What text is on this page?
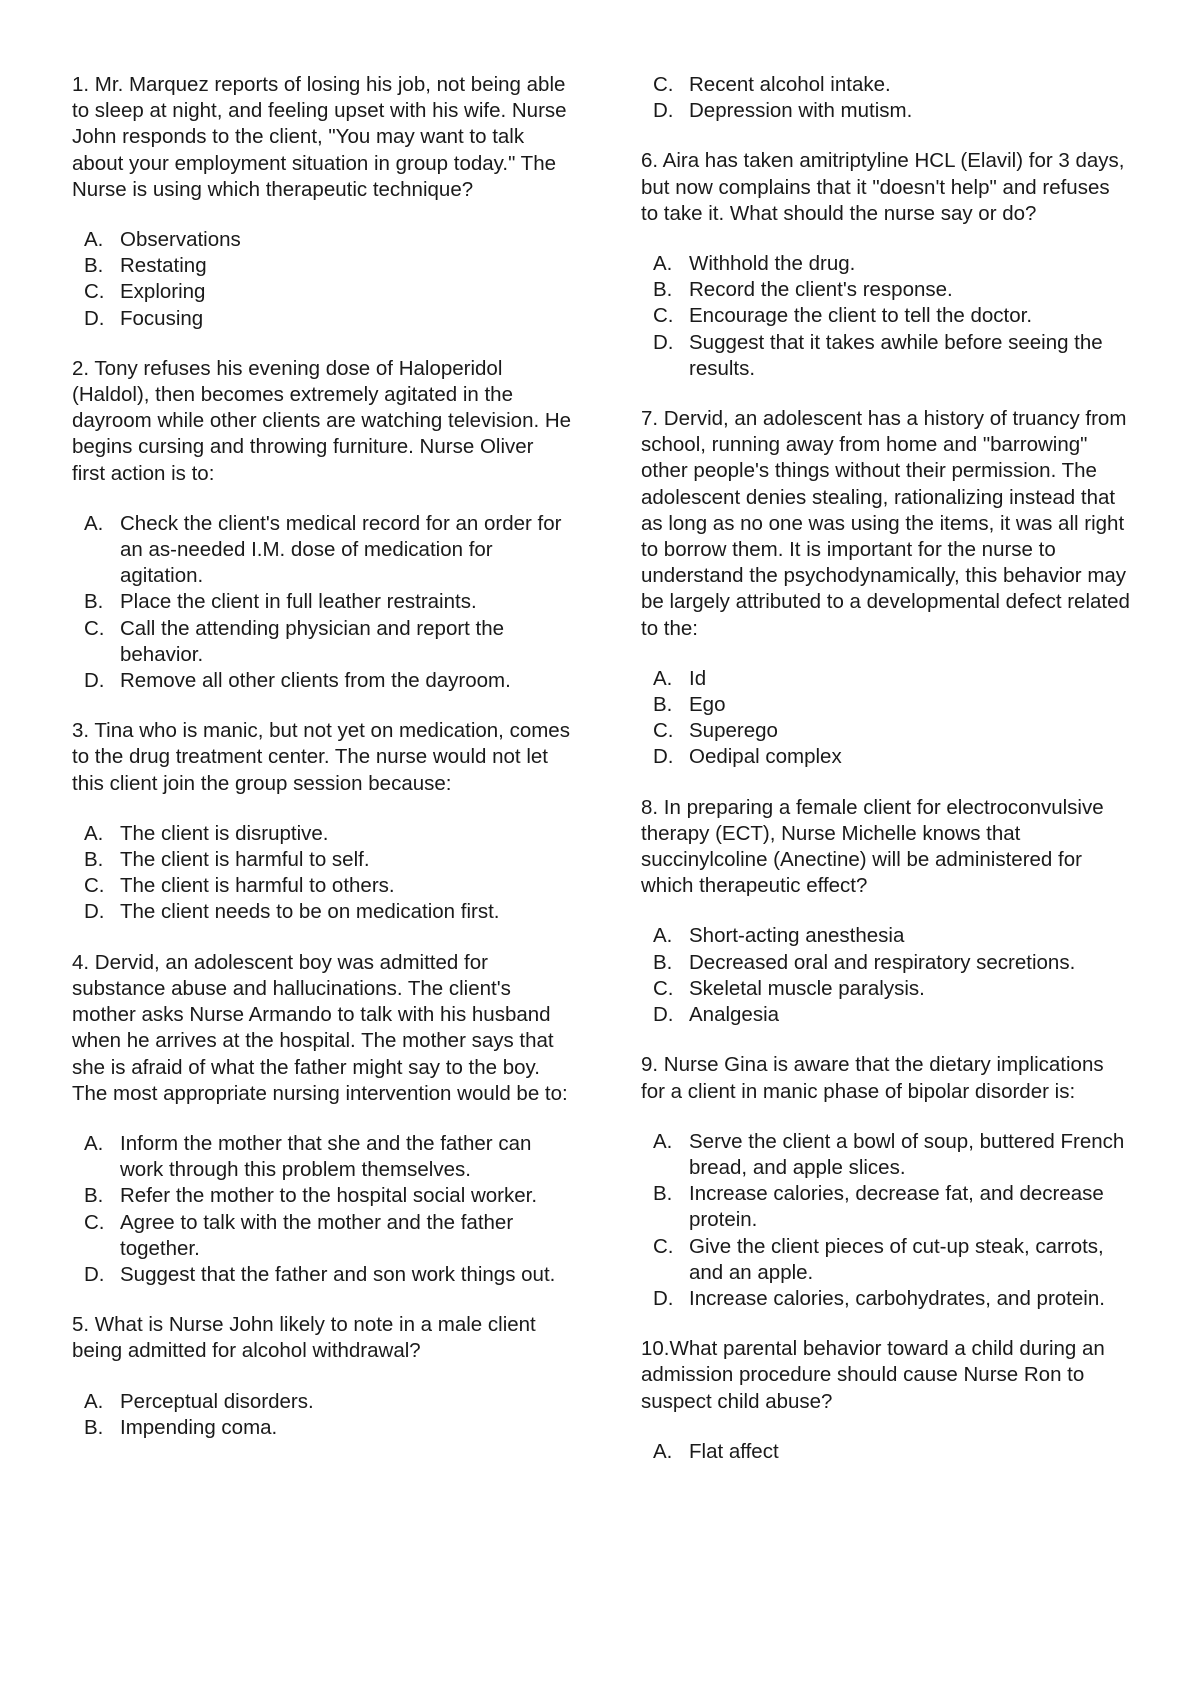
1. Mr. Marquez reports of losing his job, not being able to sleep at night, and feeling upset with his wife. Nurse John responds to the client, "You may want to talk about your employment situation in group today." The Nurse is using which therapeutic technique?

A. Observations
B. Restating
C. Exploring
D. Focusing

2. Tony refuses his evening dose of Haloperidol (Haldol), then becomes extremely agitated in the dayroom while other clients are watching television. He begins cursing and throwing furniture. Nurse Oliver first action is to:

A. Check the client's medical record for an order for an as-needed I.M. dose of medication for agitation.
B. Place the client in full leather restraints.
C. Call the attending physician and report the behavior.
D. Remove all other clients from the dayroom.

3. Tina who is manic, but not yet on medication, comes to the drug treatment center. The nurse would not let this client join the group session because:

A. The client is disruptive.
B. The client is harmful to self.
C. The client is harmful to others.
D. The client needs to be on medication first.

4. Dervid, an adolescent boy was admitted for substance abuse and hallucinations. The client's mother asks Nurse Armando to talk with his husband when he arrives at the hospital. The mother says that she is afraid of what the father might say to the boy. The most appropriate nursing intervention would be to:

A. Inform the mother that she and the father can work through this problem themselves.
B. Refer the mother to the hospital social worker.
C. Agree to talk with the mother and the father together.
D. Suggest that the father and son work things out.

5. What is Nurse John likely to note in a male client being admitted for alcohol withdrawal?

A. Perceptual disorders.
B. Impending coma.
C. Recent alcohol intake.
D. Depression with mutism.

6. Aira has taken amitriptyline HCL (Elavil) for 3 days, but now complains that it "doesn't help" and refuses to take it. What should the nurse say or do?

A. Withhold the drug.
B. Record the client's response.
C. Encourage the client to tell the doctor.
D. Suggest that it takes awhile before seeing the results.

7. Dervid, an adolescent has a history of truancy from school, running away from home and "barrowing" other people's things without their permission. The adolescent denies stealing, rationalizing instead that as long as no one was using the items, it was all right to borrow them. It is important for the nurse to understand the psychodynamically, this behavior may be largely attributed to a developmental defect related to the:

A. Id
B. Ego
C. Superego
D. Oedipal complex

8. In preparing a female client for electroconvulsive therapy (ECT), Nurse Michelle knows that succinylcoline (Anectine) will be administered for which therapeutic effect?

A. Short-acting anesthesia
B. Decreased oral and respiratory secretions.
C. Skeletal muscle paralysis.
D. Analgesia

9. Nurse Gina is aware that the dietary implications for a client in manic phase of bipolar disorder is:

A. Serve the client a bowl of soup, buttered French bread, and apple slices.
B. Increase calories, decrease fat, and decrease protein.
C. Give the client pieces of cut-up steak, carrots, and an apple.
D. Increase calories, carbohydrates, and protein.

10.What parental behavior toward a child during an admission procedure should cause Nurse Ron to suspect child abuse?

A. Flat affect
